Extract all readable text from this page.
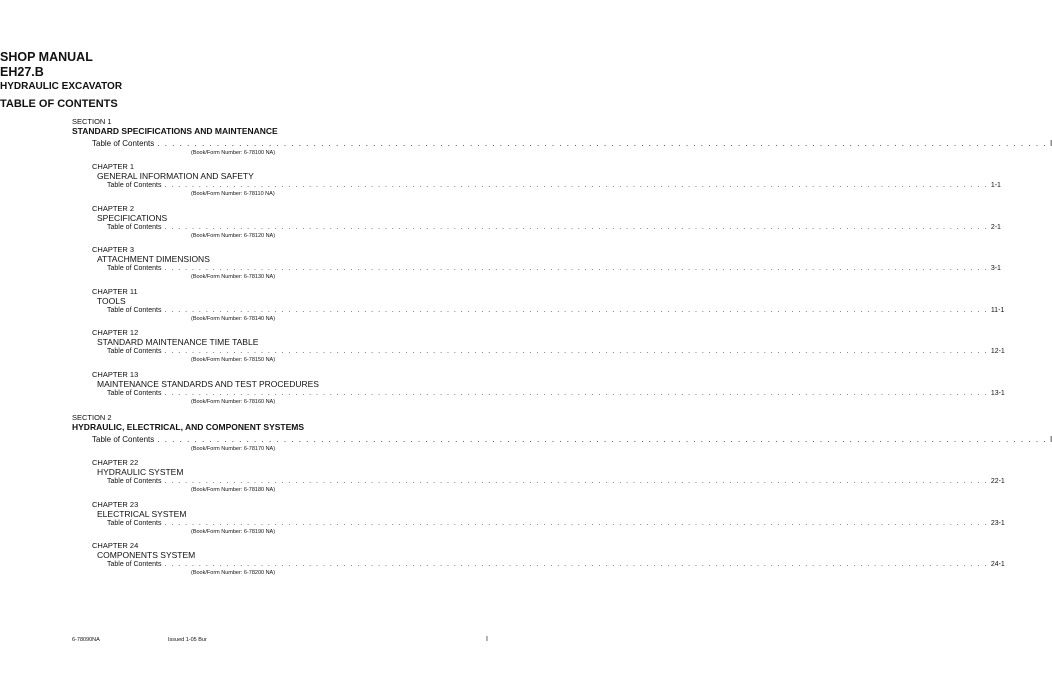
SHOP MANUAL
EH27.B
HYDRAULIC EXCAVATOR
TABLE OF CONTENTS
SECTION 1
STANDARD SPECIFICATIONS AND MAINTENANCE
Table of Contents . . . . . . . . . . . . . . . . . . . . . . . . . . . . . . . . . . . . . . . . . . . . . . . . . . . . . . . . . . . . . . . . . . . . . . . . . . . . . . . . . . . . . . . . . . . . . . . . . . . . . . . . . . . . . . . . . . . . . . . . I
(Book/Form Number: 6-78100 NA)
CHAPTER 1
GENERAL INFORMATION AND SAFETY
Table of Contents . . . . . . . . . . . . . . . . . . . . . . . . . . . . . . . . . . . . . . . . . . . . . . . . . . . . . . . . . . . . . . . . . . . . . . . . . . . . . . . . . . . . . . . . . . . . . . . . . . . . . . . . . . . . . . . . . . . . . . . . 1-1
(Book/Form Number: 6-78110 NA)
CHAPTER 2
SPECIFICATIONS
Table of Contents . . . . . . . . . . . . . . . . . . . . . . . . . . . . . . . . . . . . . . . . . . . . . . . . . . . . . . . . . . . . . . . . . . . . . . . . . . . . . . . . . . . . . . . . . . . . . . . . . . . . . . . . . . . . . . . . . . . . . . . . 2-1
(Book/Form Number: 6-78120 NA)
CHAPTER 3
ATTACHMENT DIMENSIONS
Table of Contents . . . . . . . . . . . . . . . . . . . . . . . . . . . . . . . . . . . . . . . . . . . . . . . . . . . . . . . . . . . . . . . . . . . . . . . . . . . . . . . . . . . . . . . . . . . . . . . . . . . . . . . . . . . . . . . . . . . . . . . . 3-1
(Book/Form Number: 6-78130 NA)
CHAPTER 11
TOOLS
Table of Contents . . . . . . . . . . . . . . . . . . . . . . . . . . . . . . . . . . . . . . . . . . . . . . . . . . . . . . . . . . . . . . . . . . . . . . . . . . . . . . . . . . . . . . . . . . . . . . . . . . . . . . . . . . . . . . . . . . . . . . . . 11-1
(Book/Form Number: 6-78140 NA)
CHAPTER 12
STANDARD MAINTENANCE TIME TABLE
Table of Contents . . . . . . . . . . . . . . . . . . . . . . . . . . . . . . . . . . . . . . . . . . . . . . . . . . . . . . . . . . . . . . . . . . . . . . . . . . . . . . . . . . . . . . . . . . . . . . . . . . . . . . . . . . . . . . . . . . . . . . . . 12-1
(Book/Form Number: 6-78150 NA)
CHAPTER 13
MAINTENANCE STANDARDS AND TEST PROCEDURES
Table of Contents . . . . . . . . . . . . . . . . . . . . . . . . . . . . . . . . . . . . . . . . . . . . . . . . . . . . . . . . . . . . . . . . . . . . . . . . . . . . . . . . . . . . . . . . . . . . . . . . . . . . . . . . . . . . . . . . . . . . . . . . 13-1
(Book/Form Number: 6-78160 NA)
SECTION 2
HYDRAULIC, ELECTRICAL, AND COMPONENT SYSTEMS
Table of Contents . . . . . . . . . . . . . . . . . . . . . . . . . . . . . . . . . . . . . . . . . . . . . . . . . . . . . . . . . . . . . . . . . . . . . . . . . . . . . . . . . . . . . . . . . . . . . . . . . . . . . . . . . . . . . . . . . . . . . . . . I
(Book/Form Number: 6-78170 NA)
CHAPTER 22
HYDRAULIC SYSTEM
Table of Contents . . . . . . . . . . . . . . . . . . . . . . . . . . . . . . . . . . . . . . . . . . . . . . . . . . . . . . . . . . . . . . . . . . . . . . . . . . . . . . . . . . . . . . . . . . . . . . . . . . . . . . . . . . . . . . . . . . . . . . . . 22-1
(Book/Form Number: 6-78180 NA)
CHAPTER 23
ELECTRICAL SYSTEM
Table of Contents . . . . . . . . . . . . . . . . . . . . . . . . . . . . . . . . . . . . . . . . . . . . . . . . . . . . . . . . . . . . . . . . . . . . . . . . . . . . . . . . . . . . . . . . . . . . . . . . . . . . . . . . . . . . . . . . . . . . . . . . 23-1
(Book/Form Number: 6-78190 NA)
CHAPTER 24
COMPONENTS SYSTEM
Table of Contents . . . . . . . . . . . . . . . . . . . . . . . . . . . . . . . . . . . . . . . . . . . . . . . . . . . . . . . . . . . . . . . . . . . . . . . . . . . . . . . . . . . . . . . . . . . . . . . . . . . . . . . . . . . . . . . . . . . . . . . . 24-1
(Book/Form Number: 6-78200 NA)
6-78090NA	Issued 1-05 Bur	I
